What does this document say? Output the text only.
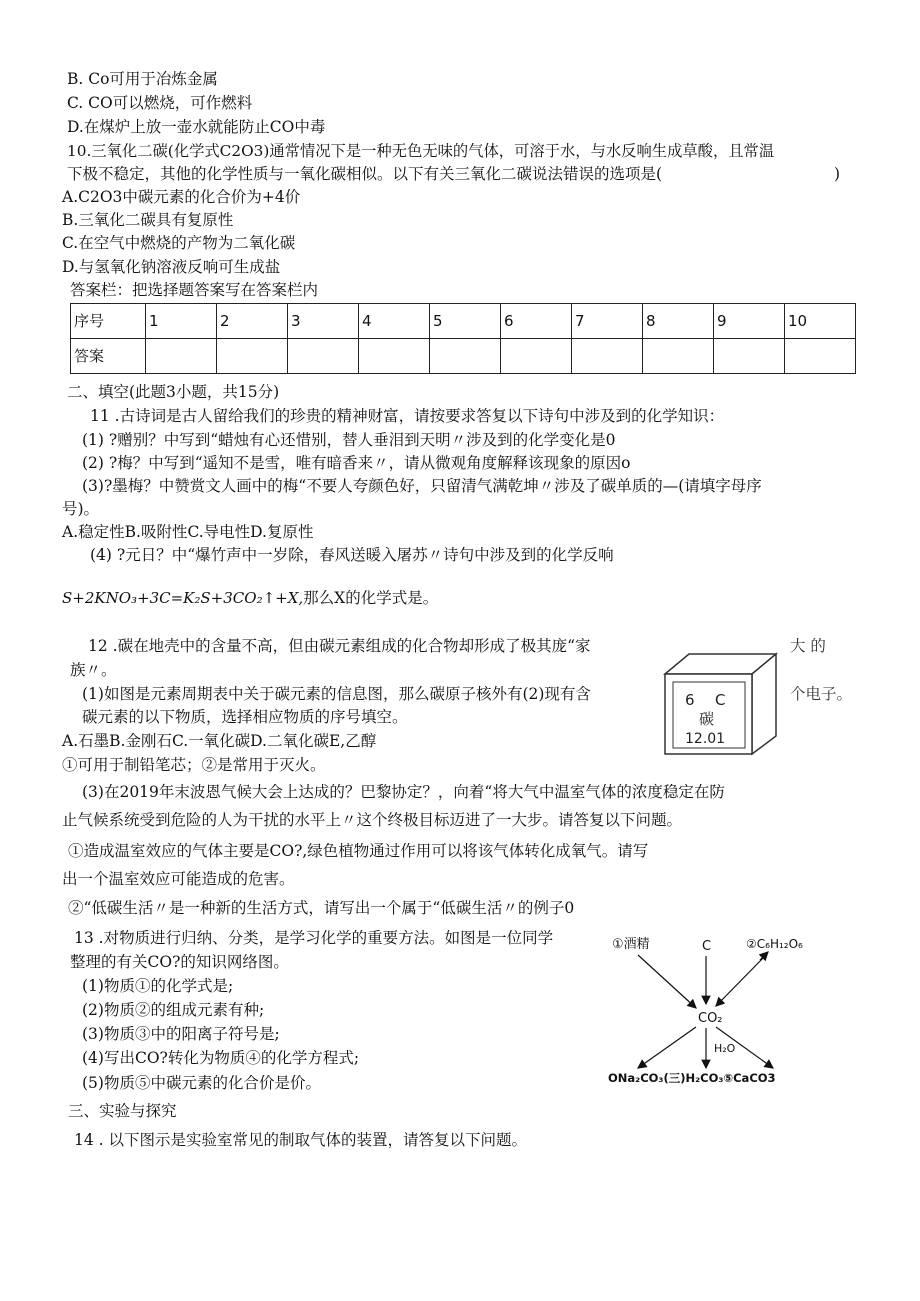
B. Co可用于冶炼金属
C. CO可以燃烧，可作燃料
D.在煤炉上放一壶水就能防止CO中毒
10.三氧化二碳(化学式C2O3)通常情况下是一种无色无味的气体，可溶于水，与水反响生成草酸，且常温
下极不稳定，其他的化学性质与一氧化碳相似。以下有关三氧化二碳说法错误的选项是(	)
A.C2O3中碳元素的化合价为+4价
B.三氧化二碳具有复原性
C.在空气中燃烧的产物为二氧化碳
D.与氢氧化钠溶液反响可生成盐
答案栏：把选择题答案写在答案栏内
序号	1	2	3	4	5	6	7	8	9	10
答案										
二、填空(此题3小题，共15分)
11 .古诗词是古人留给我们的珍贵的精神财富，请按要求答复以下诗句中涉及到的化学知识：
(1) ?赠别？中写到“蜡烛有心还惜别，替人垂泪到天明〃涉及到的化学变化是0
(2) ?梅？中写到“遥知不是雪，唯有暗香来〃，请从微观角度解释该现象的原因o
(3)?墨梅？中赞赏文人画中的梅“不要人夸颜色好，只留清气满乾坤〃涉及了碳单质的—(请填字母序
号)。
A.稳定性B.吸附性C.导电性D.复原性
(4) ?元日？中“爆竹声中一岁除，春风送暖入屠苏〃诗句中涉及到的化学反响
S+2KNO₃+3C=K₂S+3CO₂↑+X,那么X的化学式是。
12 .碳在地壳中的含量不高，但由碳元素组成的化合物却形成了极其庞“家	大 的
族〃。
(1)如图是元素周期表中关于碳元素的信息图，那么碳原子核外有(2)现有含	个电子。
碳元素的以下物质，选择相应物质的序号填空。
A.石墨B.金刚石C.一氧化碳D.二氧化碳E,乙醇
①可用于制铅笔芯；②是常用于灭火。
(3)在2019年末波恩气候大会上达成的？巴黎协定？，向着“将大气中温室气体的浓度稳定在防
止气候系统受到危险的人为干扰的水平上〃这个终极目标迈进了一大步。请答复以下问题。
①造成温室效应的气体主要是CO?,绿色植物通过作用可以将该气体转化成氧气。请写
出一个温室效应可能造成的危害。
②“低碳生活〃是一种新的生活方式，请写出一个属于“低碳生活〃的例子0
6 C
碳
12.01
13 .对物质进行归纳、分类，是学习化学的重要方法。如图是一位同学
整理的有关CO?的知识网络图。
(1)物质①的化学式是;
(2)物质②的组成元素有种;
(3)物质③中的阳离子符号是;
(4)写出CO?转化为物质④的化学方程式;
(5)物质⑤中碳元素的化合价是价。
①酒精	C	②C₆H₁₂O₆
CO₂
H₂O
ONa₂CO₃(三)H₂CO₃⑤CaCO3
三、实验与探究
14 . 以下图示是实验室常见的制取气体的装置，请答复以下问题。
